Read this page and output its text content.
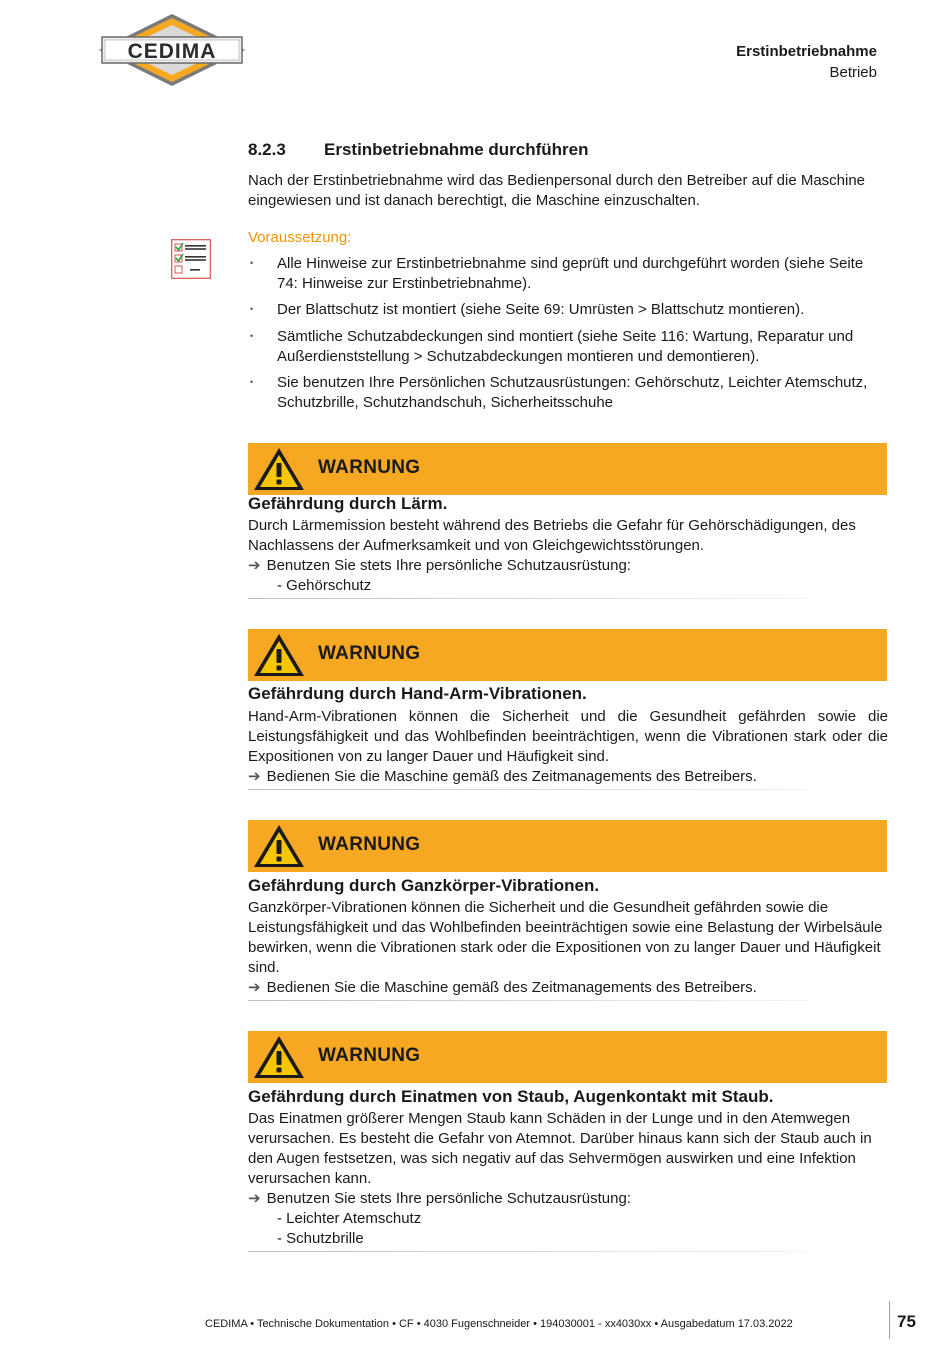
CEDIMA	Erstinbetriebnahme
Betrieb
8.2.3 Erstinbetriebnahme durchführen
Nach der Erstinbetriebnahme wird das Bedienpersonal durch den Betreiber auf die Maschine eingewiesen und ist danach berechtigt, die Maschine einzuschalten.
Voraussetzung:
• Alle Hinweise zur Erstinbetriebnahme sind geprüft und durchgeführt worden (siehe Seite 74: Hinweise zur Erstinbetriebnahme).
• Der Blattschutz ist montiert (siehe Seite 69: Umrüsten > Blattschutz montieren).
• Sämtliche Schutzabdeckungen sind montiert (siehe Seite 116: Wartung, Reparatur und Außerdienststellung > Schutzabdeckungen montieren und demontieren).
• Sie benutzen Ihre Persönlichen Schutzausrüstungen: Gehörschutz, Leichter Atemschutz, Schutzbrille, Schutzhandschuh, Sicherheitsschuhe
WARNUNG
Gefährdung durch Lärm.
Durch Lärmemission besteht während des Betriebs die Gefahr für Gehörschädigungen, des Nachlassens der Aufmerksamkeit und von Gleichgewichtsstörungen.
➔ Benutzen Sie stets Ihre persönliche Schutzausrüstung:
- Gehörschutz
WARNUNG
Gefährdung durch Hand-Arm-Vibrationen.
Hand-Arm-Vibrationen können die Sicherheit und die Gesundheit gefährden sowie die Leistungsfähigkeit und das Wohlbefinden beeinträchtigen, wenn die Vibrationen stark oder die Expositionen von zu langer Dauer und Häufigkeit sind.
➔ Bedienen Sie die Maschine gemäß des Zeitmanagements des Betreibers.
WARNUNG
Gefährdung durch Ganzkörper-Vibrationen.
Ganzkörper-Vibrationen können die Sicherheit und die Gesundheit gefährden sowie die Leistungsfähigkeit und das Wohlbefinden beeinträchtigen sowie eine Belastung der Wirbelsäule bewirken, wenn die Vibrationen stark oder die Expositionen von zu langer Dauer und Häufigkeit sind.
➔ Bedienen Sie die Maschine gemäß des Zeitmanagements des Betreibers.
WARNUNG
Gefährdung durch Einatmen von Staub, Augenkontakt mit Staub.
Das Einatmen größerer Mengen Staub kann Schäden in der Lunge und in den Atemwegen verursachen. Es besteht die Gefahr von Atemnot. Darüber hinaus kann sich der Staub auch in den Augen festsetzen, was sich negativ auf das Sehvermögen auswirken und eine Infektion verursachen kann.
➔ Benutzen Sie stets Ihre persönliche Schutzausrüstung:
- Leichter Atemschutz
- Schutzbrille
CEDIMA • Technische Dokumentation • CF • 4030 Fugenschneider • 194030001 - xx4030xx • Ausgabedatum 17.03.2022	75
